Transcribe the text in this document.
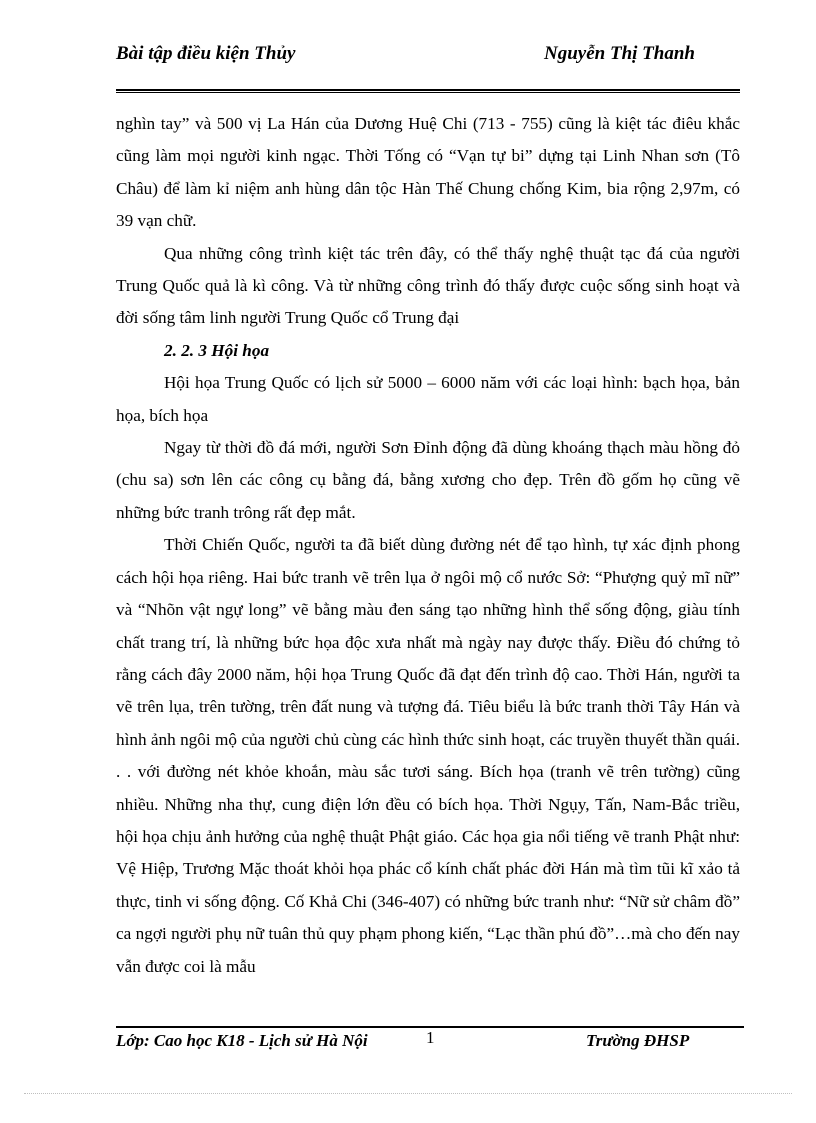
Bài tập điều kiện Thủy	Nguyễn Thị Thanh

nghìn tay” và 500 vị La Hán của Dương Huệ Chi (713 - 755) cũng là kiệt tác điêu khắc cũng làm mọi người kinh ngạc. Thời Tống có “Vạn tự bi” dựng tại Linh Nhan sơn (Tô Châu) để làm kỉ niệm anh hùng dân tộc Hàn Thế Chung chống Kim, bia rộng 2,97m, có 39 vạn chữ.

Qua những công trình kiệt tác trên đây, có thể thấy nghệ thuật tạc đá của người Trung Quốc quả là kì công. Và từ những công trình đó thấy được cuộc sống sinh hoạt và đời sống tâm linh người Trung Quốc cổ Trung đại

2. 2. 3 Hội họa

Hội họa Trung Quốc có lịch sử 5000 – 6000 năm với các loại hình: bạch họa, bản họa, bích họa

Ngay từ thời đồ đá mới, người Sơn Đỉnh động đã dùng khoáng thạch màu hồng đỏ (chu sa) sơn lên các công cụ bằng đá, bằng xương cho đẹp. Trên đồ gốm họ cũng vẽ những bức tranh trông rất đẹp mắt.

Thời Chiến Quốc, người ta đã biết dùng đường nét để tạo hình, tự xác định phong cách hội họa riêng. Hai bức tranh vẽ trên lụa ở ngôi mộ cổ nước Sở: “Phượng quỷ mĩ nữ” và “Nhõn vật ngự long” vẽ bằng màu đen sáng tạo những hình thể sống động, giàu tính chất trang trí, là những bức họa độc xưa nhất mà ngày nay được thấy. Điều đó chứng tỏ rằng cách đây 2000 năm, hội họa Trung Quốc đã đạt đến trình độ cao. Thời Hán, người ta vẽ trên lụa, trên tường, trên đất nung và tượng đá. Tiêu biểu là bức tranh thời Tây Hán và hình ảnh ngôi mộ của người chủ cùng các hình thức sinh hoạt, các truyền thuyết thần quái. . . với đường nét khỏe khoắn, màu sắc tươi sáng. Bích họa (tranh vẽ trên tường) cũng nhiều. Những nha thự, cung điện lớn đều có bích họa. Thời Ngụy, Tấn, Nam-Bắc triều, hội họa chịu ảnh hưởng của nghệ thuật Phật giáo. Các họa gia nổi tiếng vẽ tranh Phật như: Vệ Hiệp, Trương Mặc thoát khỏi họa phác cổ kính chất phác đời Hán mà tìm tũi kĩ xảo tả thực, tinh vi sống động. Cố Khả Chi (346-407) có những bức tranh như: “Nữ sử châm đồ” ca ngợi người phụ nữ tuân thủ quy phạm phong kiến, “Lạc thần phú đồ”…mà cho đến nay vẫn được coi là mẫu

Lớp: Cao học K18 - Lịch sử Hà Nội	1	Trường ĐHSP
